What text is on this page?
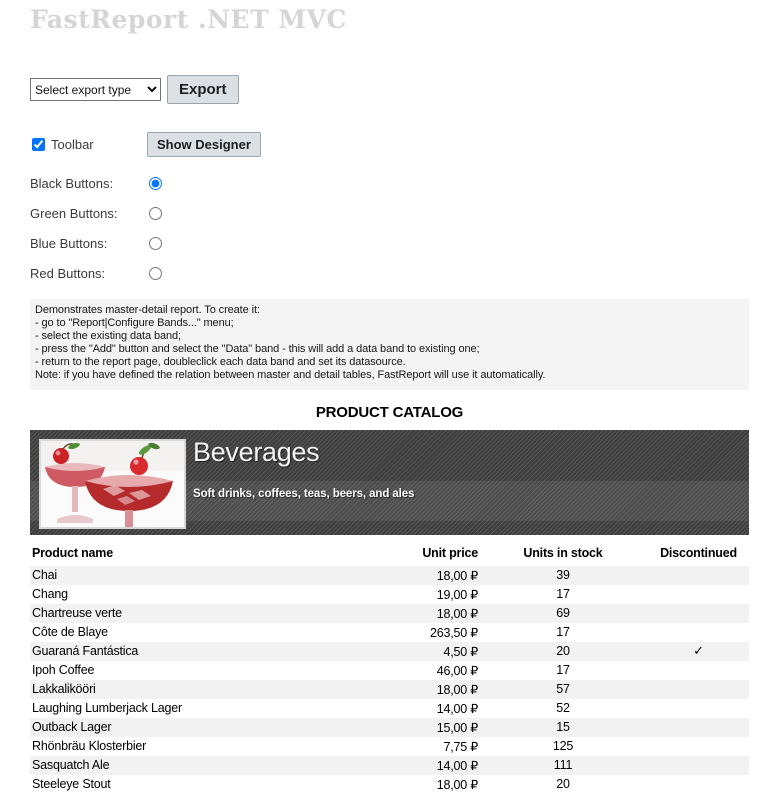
FastReport .NET MVC
Select export type
Export
Toolbar	Show Designer
Black Buttons:
Green Buttons:
Blue Buttons:
Red Buttons:
Demonstrates master-detail report. To create it:
- go to "Report|Configure Bands..." menu;
- select the existing data band;
- press the "Add" button and select the "Data" band - this will add a data band to existing one;
- return to the report page, doubleclick each data band and set its datasource.
Note: if you have defined the relation between master and detail tables, FastReport will use it automatically.
PRODUCT CATALOG
Beverages
Soft drinks, coffees, teas, beers, and ales
Product name	Unit price	Units in stock	Discontinued
Chai	18,00 ₽	39	
Chang	19,00 ₽	17	
Chartreuse verte	18,00 ₽	69	
Côte de Blaye	263,50 ₽	17	
Guaraná Fantástica	4,50 ₽	20	✓
Ipoh Coffee	46,00 ₽	17	
Lakkalikööri	18,00 ₽	57	
Laughing Lumberjack Lager	14,00 ₽	52	
Outback Lager	15,00 ₽	15	
Rhönbräu Klosterbier	7,75 ₽	125	
Sasquatch Ale	14,00 ₽	111	
Steeleye Stout	18,00 ₽	20	
